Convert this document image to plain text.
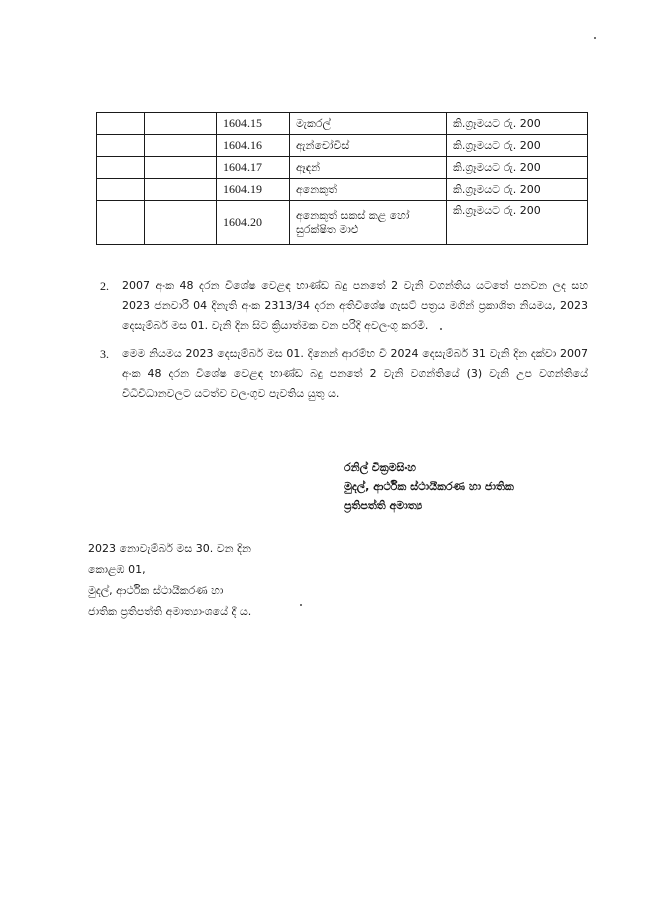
		1604.15	මැකරල්	කි.ග්‍රෑමයට රු. 200
		1604.16	ඇන්චෝවීස්	කි.ග්‍රෑමයට රු. 200
		1604.17	ඈඳන්	කි.ග්‍රෑමයට රු. 200
		1604.19	අනෙකුත්	කි.ග්‍රෑමයට රු. 200
		1604.20	අනෙකුත් සකස් කළ හෝ සුරක්ෂිත මාළු	කි.ග්‍රෑමයට රු. 200
2. 2007 අංක 48 දරන විශේෂ වෙළඳ භාණ්ඩ බදු පනතේ 2 වැනි වගන්තිය යටතේ පනවන ලද සහ 2023 ජනවාරි 04 දිනැති අංක 2313/34 දරන අතිවිශේෂ ගැසට් පත්‍රය මගින් ප්‍රකාශිත නියමය, 2023 දෙසැම්බර් මස 01. වැනි දින සිට ක්‍රියාත්මක වන පරිදි අවලංගු කරමි.
3. මෙම නියමය 2023 දෙසැම්බර් මස 01. දිනෙන් ආරම්භ වී 2024 දෙසැම්බර් 31 වැනි දින දක්වා 2007 අංක 48 දරන විශේෂ වෙළඳ භාණ්ඩ බදු පනතේ 2 වැනි වගන්තියේ (3) වැනි උප වගන්තියේ විධිවිධානවලට යටත්ව වලංගුව පැවතිය යුතු ය.
රනිල් වික්‍රමසිංහ
මුදල්, ආර්ථික ස්ථායීකරණ හා ජාතික
ප්‍රතිපත්ති අමාත්‍ය
2023 නොවැම්බර් මස 30. වන දින
කොළඹ 01,
මුදල්, ආර්ථික ස්ථායීකරණ හා
ජාතික ප්‍රතිපත්ති අමාත්‍යාංශයේ දී ය.
